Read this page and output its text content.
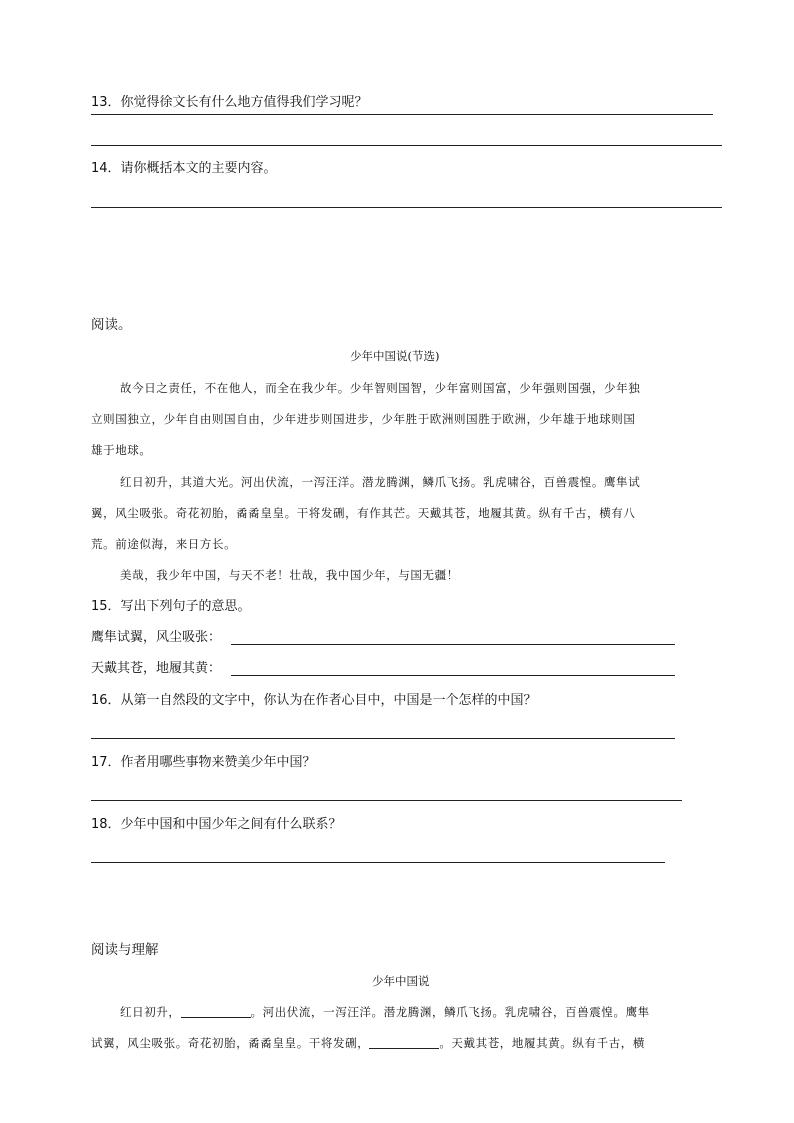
13．你觉得徐文长有什么地方值得我们学习呢？
14．请你概括本文的主要内容。
阅读。
少年中国说(节选)
故今日之责任，不在他人，而全在我少年。少年智则国智，少年富则国富，少年强则国强，少年独
立则国独立，少年自由则国自由，少年进步则国进步，少年胜于欧洲则国胜于欧洲，少年雄于地球则国
雄于地球。
红日初升，其道大光。河出伏流，一泻汪洋。潜龙腾渊，鳞爪飞扬。乳虎啸谷，百兽震惶。鹰隼试
翼，风尘吸张。奇花初胎，矞矞皇皇。干将发硎，有作其芒。天戴其苍，地履其黄。纵有千古，横有八
荒。前途似海，来日方长。
美哉，我少年中国，与天不老！壮哉，我中国少年，与国无疆！
15．写出下列句子的意思。
鹰隼试翼，风尘吸张：
天戴其苍，地履其黄：
16．从第一自然段的文字中，你认为在作者心目中，中国是一个怎样的中国？
17．作者用哪些事物来赞美少年中国？
18．少年中国和中国少年之间有什么联系？
阅读与理解
少年中国说
红日初升，	。河出伏流，一泻汪洋。潜龙腾渊，鳞爪飞扬。乳虎啸谷，百兽震惶。鹰隼
试翼，风尘吸张。奇花初胎，矞矞皇皇。干将发硎，	。天戴其苍，地履其黄。纵有千古，横
